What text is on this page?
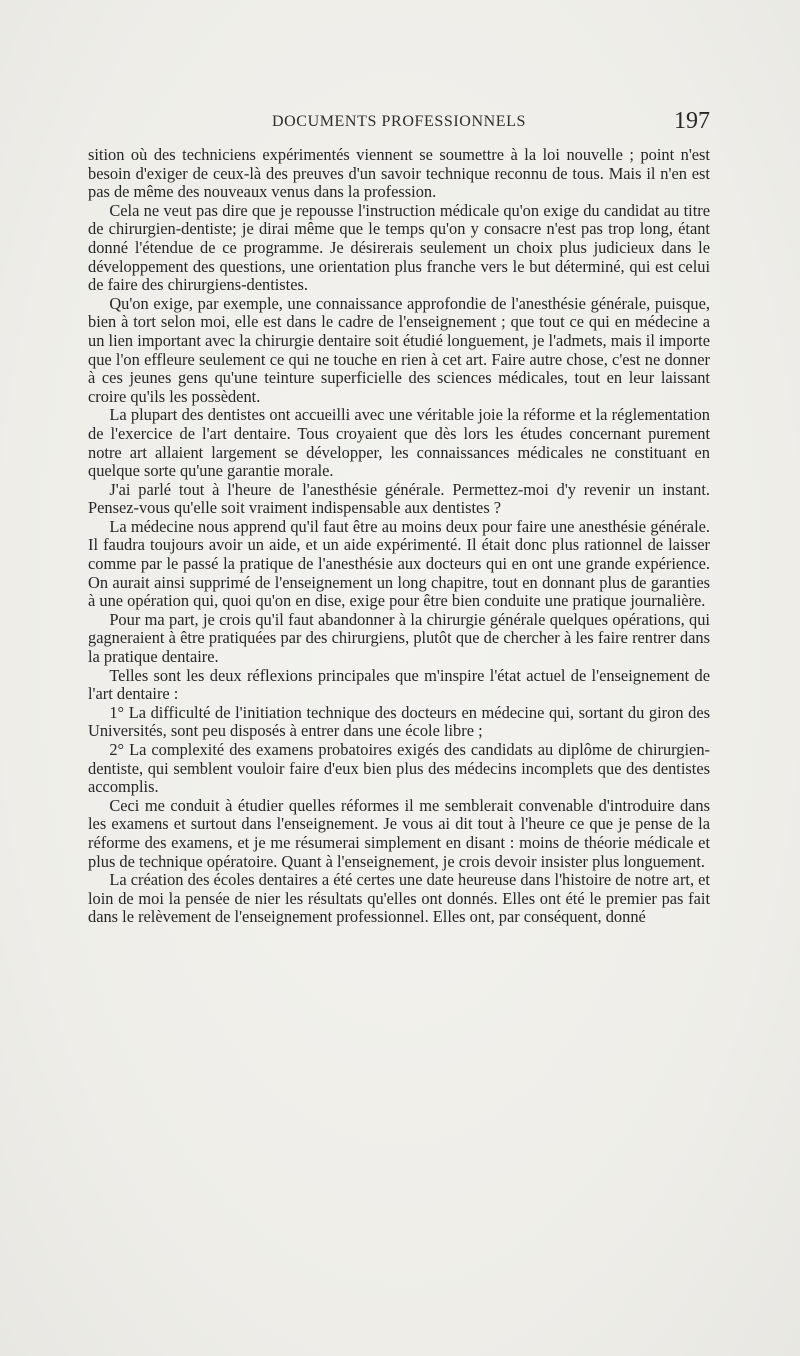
DOCUMENTS PROFESSIONNELS	197

sition où des techniciens expérimentés viennent se soumettre à la loi nouvelle ; point n'est besoin d'exiger de ceux-là des preuves d'un savoir technique reconnu de tous. Mais il n'en est pas de même des nouveaux venus dans la profession.

Cela ne veut pas dire que je repousse l'instruction médicale qu'on exige du candidat au titre de chirurgien-dentiste; je dirai même que le temps qu'on y consacre n'est pas trop long, étant donné l'étendue de ce programme. Je désirerais seulement un choix plus judicieux dans le développement des questions, une orientation plus franche vers le but déterminé, qui est celui de faire des chirurgiens-dentistes.

Qu'on exige, par exemple, une connaissance approfondie de l'anesthésie générale, puisque, bien à tort selon moi, elle est dans le cadre de l'enseignement ; que tout ce qui en médecine a un lien important avec la chirurgie dentaire soit étudié longuement, je l'admets, mais il importe que l'on effleure seulement ce qui ne touche en rien à cet art. Faire autre chose, c'est ne donner à ces jeunes gens qu'une teinture superficielle des sciences médicales, tout en leur laissant croire qu'ils les possèdent.

La plupart des dentistes ont accueilli avec une véritable joie la réforme et la réglementation de l'exercice de l'art dentaire. Tous croyaient que dès lors les études concernant purement notre art allaient largement se développer, les connaissances médicales ne constituant en quelque sorte qu'une garantie morale.

J'ai parlé tout à l'heure de l'anesthésie générale. Permettez-moi d'y revenir un instant. Pensez-vous qu'elle soit vraiment indispensable aux dentistes ?

La médecine nous apprend qu'il faut être au moins deux pour faire une anesthésie générale. Il faudra toujours avoir un aide, et un aide expérimenté. Il était donc plus rationnel de laisser comme par le passé la pratique de l'anesthésie aux docteurs qui en ont une grande expérience. On aurait ainsi supprimé de l'enseignement un long chapitre, tout en donnant plus de garanties à une opération qui, quoi qu'on en dise, exige pour être bien conduite une pratique journalière.

Pour ma part, je crois qu'il faut abandonner à la chirurgie générale quelques opérations, qui gagneraient à être pratiquées par des chirurgiens, plutôt que de chercher à les faire rentrer dans la pratique dentaire.

Telles sont les deux réflexions principales que m'inspire l'état actuel de l'enseignement de l'art dentaire :

1° La difficulté de l'initiation technique des docteurs en médecine qui, sortant du giron des Universités, sont peu disposés à entrer dans une école libre ;

2° La complexité des examens probatoires exigés des candidats au diplôme de chirurgien-dentiste, qui semblent vouloir faire d'eux bien plus des médecins incomplets que des dentistes accomplis.

Ceci me conduit à étudier quelles réformes il me semblerait convenable d'introduire dans les examens et surtout dans l'enseignement. Je vous ai dit tout à l'heure ce que je pense de la réforme des examens, et je me résumerai simplement en disant : moins de théorie médicale et plus de technique opératoire. Quant à l'enseignement, je crois devoir insister plus longuement.

La création des écoles dentaires a été certes une date heureuse dans l'histoire de notre art, et loin de moi la pensée de nier les résultats qu'elles ont donnés. Elles ont été le premier pas fait dans le relèvement de l'enseignement professionnel. Elles ont, par conséquent, donné
